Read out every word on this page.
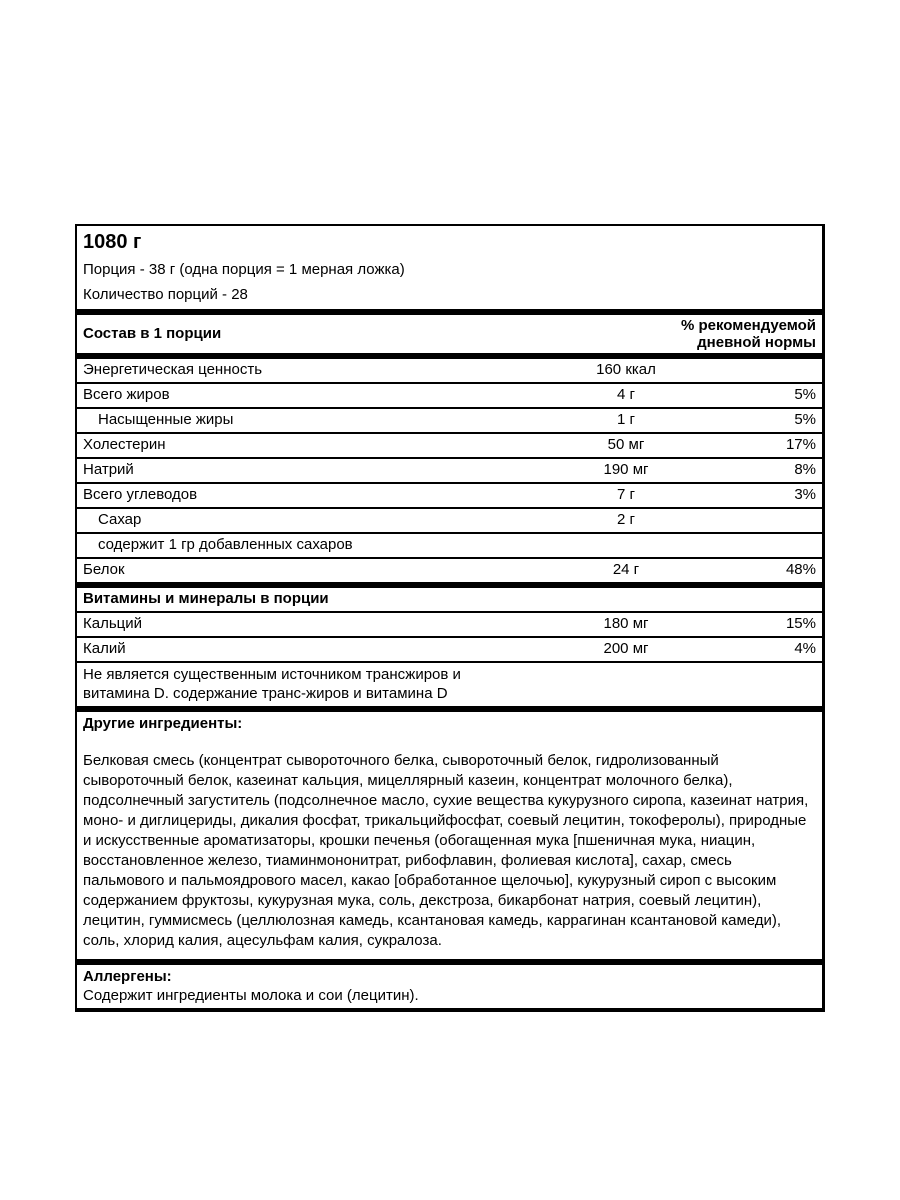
1080 г
Порция - 38 г (одна порция = 1 мерная ложка)
Количество порций - 28
Состав в 1 порции	% рекомендуемой
дневной нормы
Энергетическая ценность	160 ккал
Всего жиров	4 г	5%
Насыщенные жиры	1 г	5%
Холестерин	50 мг	17%
Натрий	190 мг	8%
Всего углеводов	7 г	3%
Сахар	2 г
содержит 1 гр добавленных сахаров
Белок	24 г	48%
Витамины и минералы в порции
Кальций	180 мг	15%
Калий	200 мг	4%
Не является существенным источником трансжиров и
витамина D. содержание транс-жиров и витамина D
Другие ингредиенты:
Белковая смесь (концентрат сывороточного белка, сывороточный белок, гидролизованный
сывороточный белок, казеинат кальция, мицеллярный казеин, концентрат молочного белка),
подсолнечный загуститель (подсолнечное масло, сухие вещества кукурузного сиропа, казеинат натрия,
моно- и диглицериды, дикалия фосфат, трикальцийфосфат, соевый лецитин, токоферолы), природные
и искусственные ароматизаторы, крошки печенья (обогащенная мука [пшеничная мука, ниацин,
восстановленное железо, тиаминмононитрат, рибофлавин, фолиевая кислота], сахар, смесь
пальмового и пальмоядрового масел, какао [обработанное щелочью], кукурузный сироп с высоким
содержанием фруктозы, кукурузная мука, соль, декстроза, бикарбонат натрия, соевый лецитин),
лецитин, гуммисмесь (целлюлозная камедь, ксантановая камедь, каррагинан ксантановой камеди),
соль, хлорид калия, ацесульфам калия, сукралоза.
Аллергены:
Содержит ингредиенты молока и сои (лецитин).
